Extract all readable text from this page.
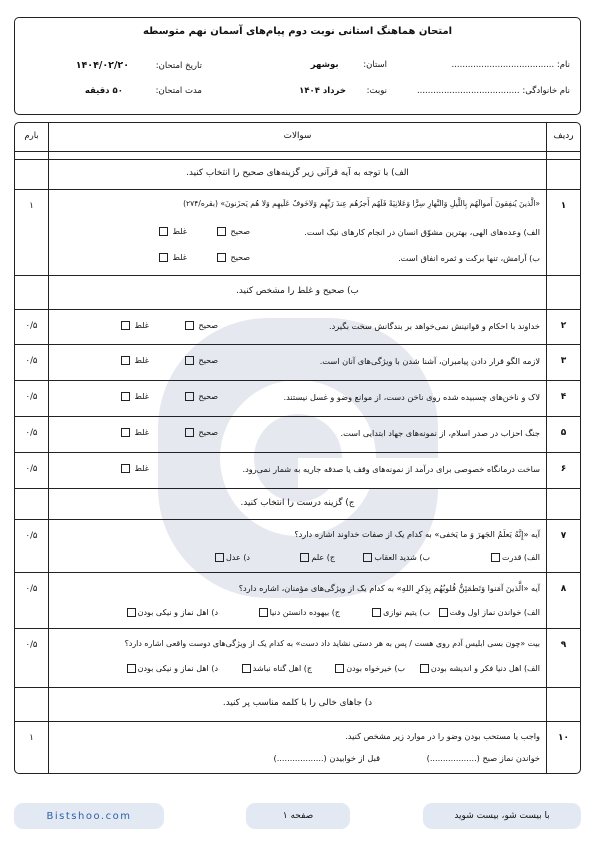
امتحان هماهنگ استانی نوبت دوم پیام‌های آسمان نهم متوسطه
نام: ......................................
نام خانوادگی: ......................................
استان: بوشهر
نوبت: خرداد ۱۴۰۴
تاریخ امتحان: ۱۴۰۴/۰۲/۲۰
مدت امتحان: ۵۰ دقیقه
ردیف
سوالات
بارم
الف) با توجه به آیه قرآنی زیر گزینه‌های صحیح را انتخاب کنید.
۱
۱	«الَّذینَ یُنفِقونَ أَموالَهُم بِاللَّیلِ وَالنَّهارِ سِرًّا وَعَلانِیَةً فَلَهُم أَجرُهُم عِندَ رَبِّهِم وَلاخَوفٌ عَلَیهِم وَلا هُم یَحزَنونَ» (بقره/۲۷۴)
الف) وعده‌های الهی، بهترین مشوّق انسان در انجام کارهای نیک است.
صحیح
غلط
ب) آرامش، تنها برکت و ثمره انفاق است.
صحیح
غلط
ب) صحیح و غلط را مشخص کنید.
۲
۰/۵	خداوند با احکام و قوانینش نمی‌خواهد بر بندگانش سخت بگیرد.
صحیح
غلط
۳
۰/۵	لازمه الگو قرار دادن پیامبران، آشنا شدن با ویژگی‌های آنان است.
صحیح
غلط
۴
۰/۵	لاک و ناخن‌های چسبیده شده روی ناخن دست، از موانع وضو و غسل نیستند.
صحیح
غلط
۵
۰/۵	جنگ احزاب در صدر اسلام، از نمونه‌های جهاد ابتدایی است.
صحیح
غلط
۶
۰/۵	ساخت درمانگاه خصوصی برای درآمد از نمونه‌های وقف یا صدقه جاریه به شمار نمی‌رود.
غلط
ج) گزینه درست را انتخاب کنید.
۷
۰/۵	آیه «إِنَّهُ یَعلَمُ الجَهرَ وَ ما یَخفی» به کدام یک از صفات خداوند اشاره دارد؟
الف) قدرت
ب) شدید العقاب
ج) علم
د) عدل
۸
۰/۵	آیه «الَّذینَ آمَنوا وَتَطمَئِنُّ قُلوبُهُم بِذِکرِ اللهِ» به کدام یک از ویژگی‌های مؤمنان، اشاره دارد؟
الف) خواندن نماز اول وقت
ب) یتیم نوازی
ج) بیهوده دانستن دنیا
د) اهل نماز و نیکی بودن
۹
۰/۵	بیت «چون بسی ابلیس آدم روی هست / پس به هر دستی نشاید داد دست» به کدام یک از ویژگی‌های دوست واقعی اشاره دارد؟
الف) اهل دنیا فکر و اندیشه بودن
ب) خیرخواه بودن
ج) اهل گناه نباشد
د) اهل نماز و نیکی بودن
د) جاهای خالی را با کلمه مناسب پر کنید.
۱۰
۱	واجب یا مستحب بودن وضو را در موارد زیر مشخص کنید.
خواندن نماز صبح (..................)
قبل از خوابیدن (..................)
Bistshoo.com	صفحه ۱	با بیست شو، بیست شوید
